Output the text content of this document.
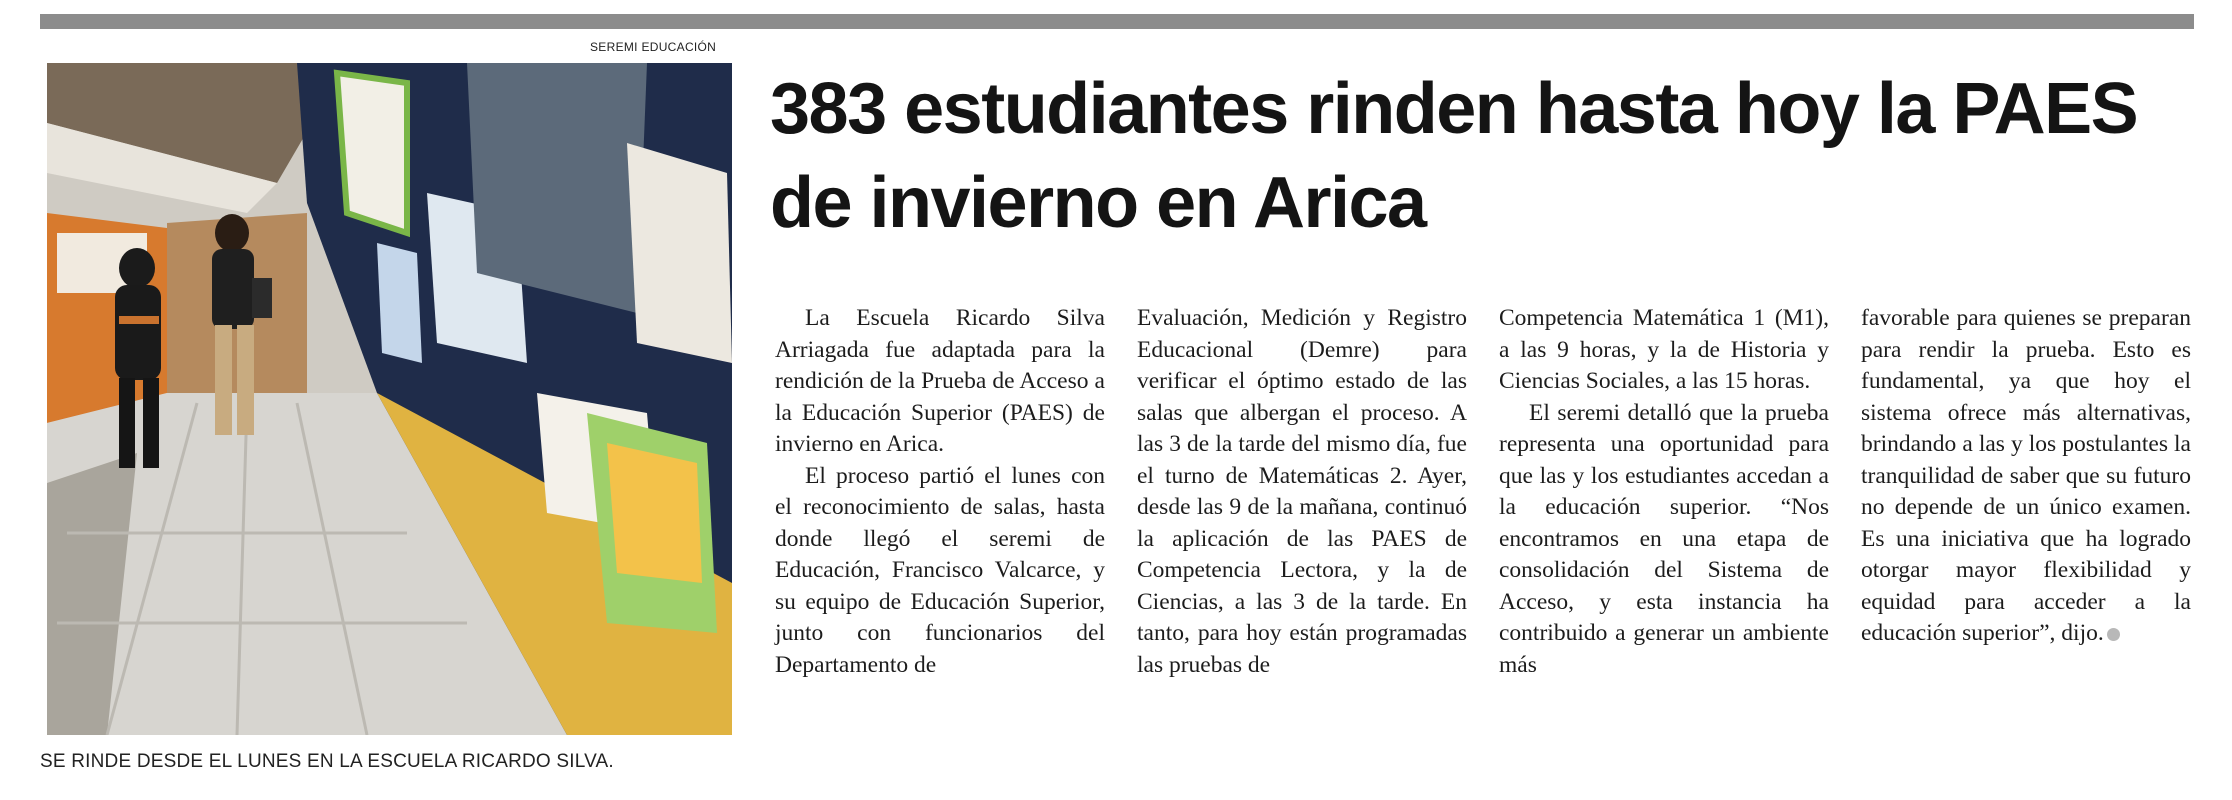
SEREMI EDUCACIÓN
SE RINDE DESDE EL LUNES EN LA ESCUELA RICARDO SILVA.
383 estudiantes rinden hasta hoy la PAES de invierno en Arica

La Escuela Ricardo Silva Arriagada fue adaptada para la rendición de la Prueba de Acceso a la Educación Superior (PAES) de invierno en Arica.

El proceso partió el lunes con el reconocimiento de salas, hasta donde llegó el seremi de Educación, Francisco Valcarce, y su equipo de Educación Superior, junto con funcionarios del Departamento de

Evaluación, Medición y Registro Educacional (Demre) para verificar el óptimo estado de las salas que albergan el proceso. A las 3 de la tarde del mismo día, fue el turno de Matemáticas 2. Ayer, desde las 9 de la mañana, continuó la aplicación de las PAES de Competencia Lectora, y la de Ciencias, a las 3 de la tarde. En tanto, para hoy están programadas las pruebas de

Competencia Matemática 1 (M1), a las 9 horas, y la de Historia y Ciencias Sociales, a las 15 horas.

El seremi detalló que la prueba representa una oportunidad para que las y los estudiantes accedan a la educación superior. “Nos encontramos en una etapa de consolidación del Sistema de Acceso, y esta instancia ha contribuido a generar un ambiente más

favorable para quienes se preparan para rendir la prueba. Esto es fundamental, ya que hoy el sistema ofrece más alternativas, brindando a las y los postulantes la tranquilidad de saber que su futuro no depende de un único examen. Es una iniciativa que ha logrado otorgar mayor flexibilidad y equidad para acceder a la educación superior”, dijo.
